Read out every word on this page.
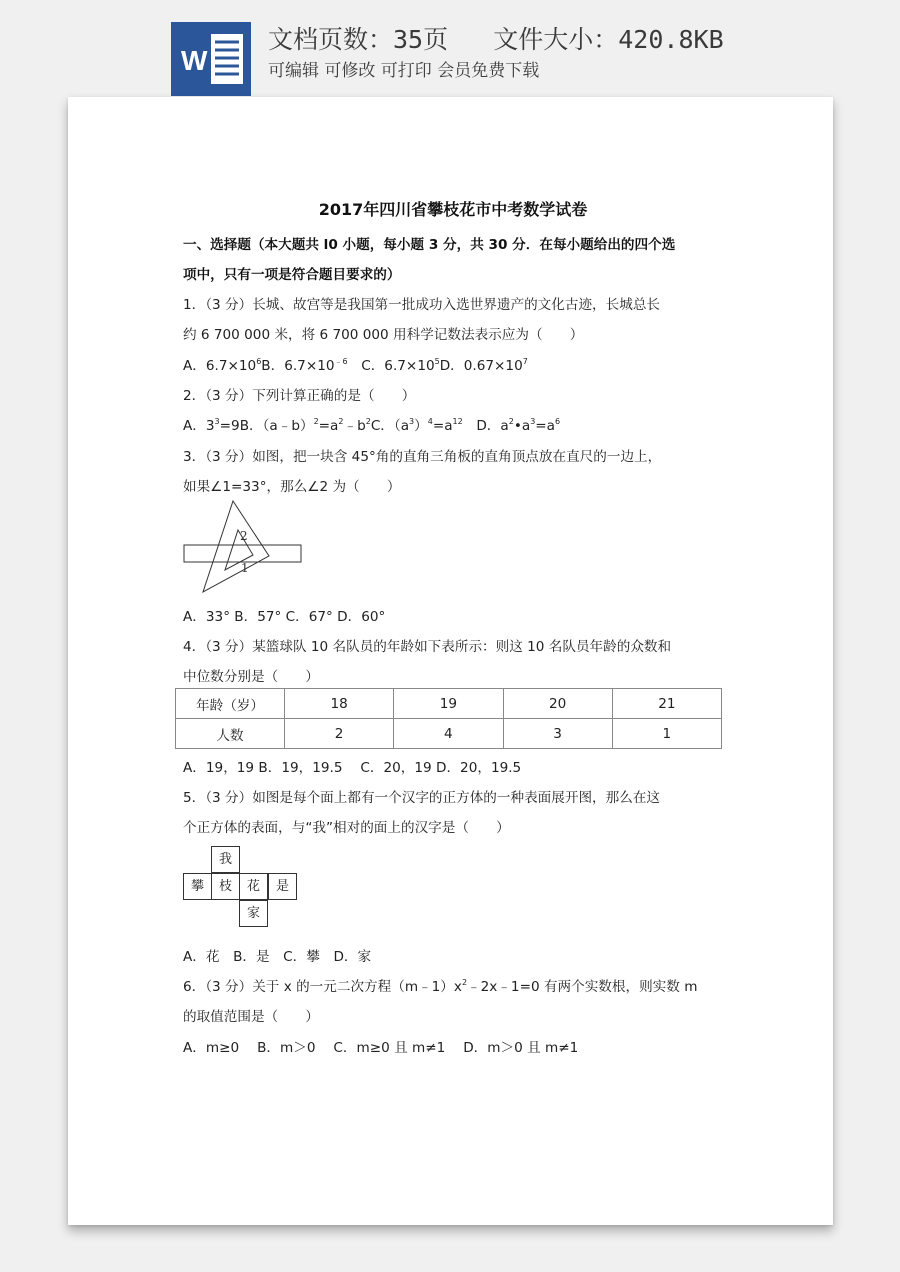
W
文档页数：35页   文件大小：420.8KB
可编辑 可修改 可打印 会员免费下载
2017年四川省攀枝花市中考数学试卷
一、选择题（本大题共 l0 小题，每小题 3 分，共 30 分．在每小题给出的四个选
项中，只有一项是符合题目要求的）
1．（3 分）长城、故宫等是我国第一批成功入选世界遗产的文化古迹，长城总长
约 6 700 000 米，将 6 700 000 用科学记数法表示应为（　　）
A．$6.7\times 10^6B$．$6.7\times 10^{﹣6}$　C．$6.7\times 10^5D$．$0.67\times 10^7$
2．（3 分）下列计算正确的是（　　）
A．$3^3=9B$．$(a﹣b)^2=a^2﹣b^2C$．$(a^3)^4=a^{12}$　D．$a^2•a^3=a^6$
3．（3 分）如图，把一块含 45°角的直角三角板的直角顶点放在直尺的一边上，
如果∠1=33°，那么∠2 为（　　）
2
1
A．33° B．57° C．67° D．60°
4．（3 分）某篮球队 10 名队员的年龄如下表所示：则这 10 名队员年龄的众数和
中位数分别是（　　）
年龄（岁）	18	19	20	21
人数	2	4	3	1
A．19，19 B．19，19.5　 C．20，19 D．20，19.5
5．（3 分）如图是每个面上都有一个汉字的正方体的一种表面展开图，那么在这
个正方体的表面，与“我”相对的面上的汉字是（　　）
我
攀	枝	花	是
家
A．花　B．是　C．攀　D．家
6．（3 分）关于 x 的一元二次方程$(m﹣1)x^2﹣2x﹣1=0$ 有两个实数根，则实数 m
的取值范围是（　　）
A．m≥0　 B．m＞0　 C．m≥0 且 m≠1　 D．m＞0 且 m≠1
